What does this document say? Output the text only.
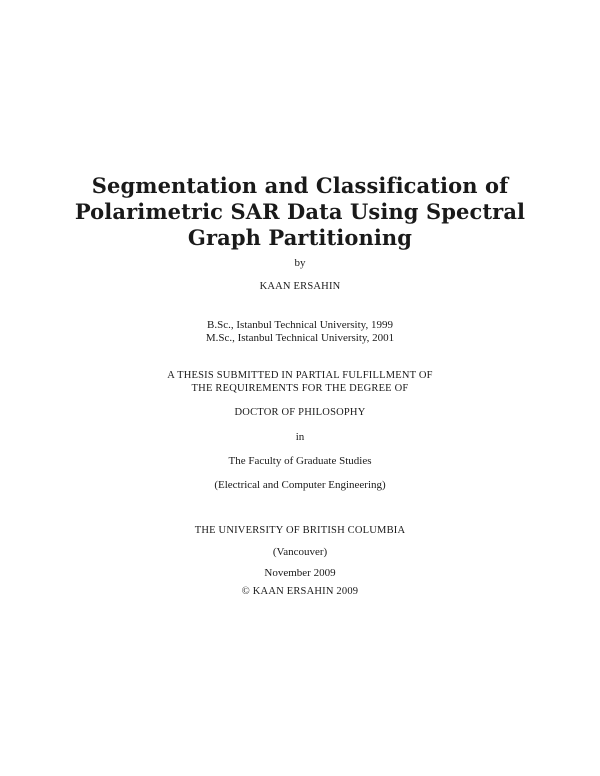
Segmentation and Classification of
Polarimetric SAR Data Using Spectral
Graph Partitioning
by
KAAN ERSAHIN
B.Sc., Istanbul Technical University, 1999
M.Sc., Istanbul Technical University, 2001
A THESIS SUBMITTED IN PARTIAL FULFILLMENT OF
THE REQUIREMENTS FOR THE DEGREE OF
DOCTOR OF PHILOSOPHY
in
The Faculty of Graduate Studies
(Electrical and Computer Engineering)
THE UNIVERSITY OF BRITISH COLUMBIA
(Vancouver)
November 2009
© KAAN ERSAHIN 2009
